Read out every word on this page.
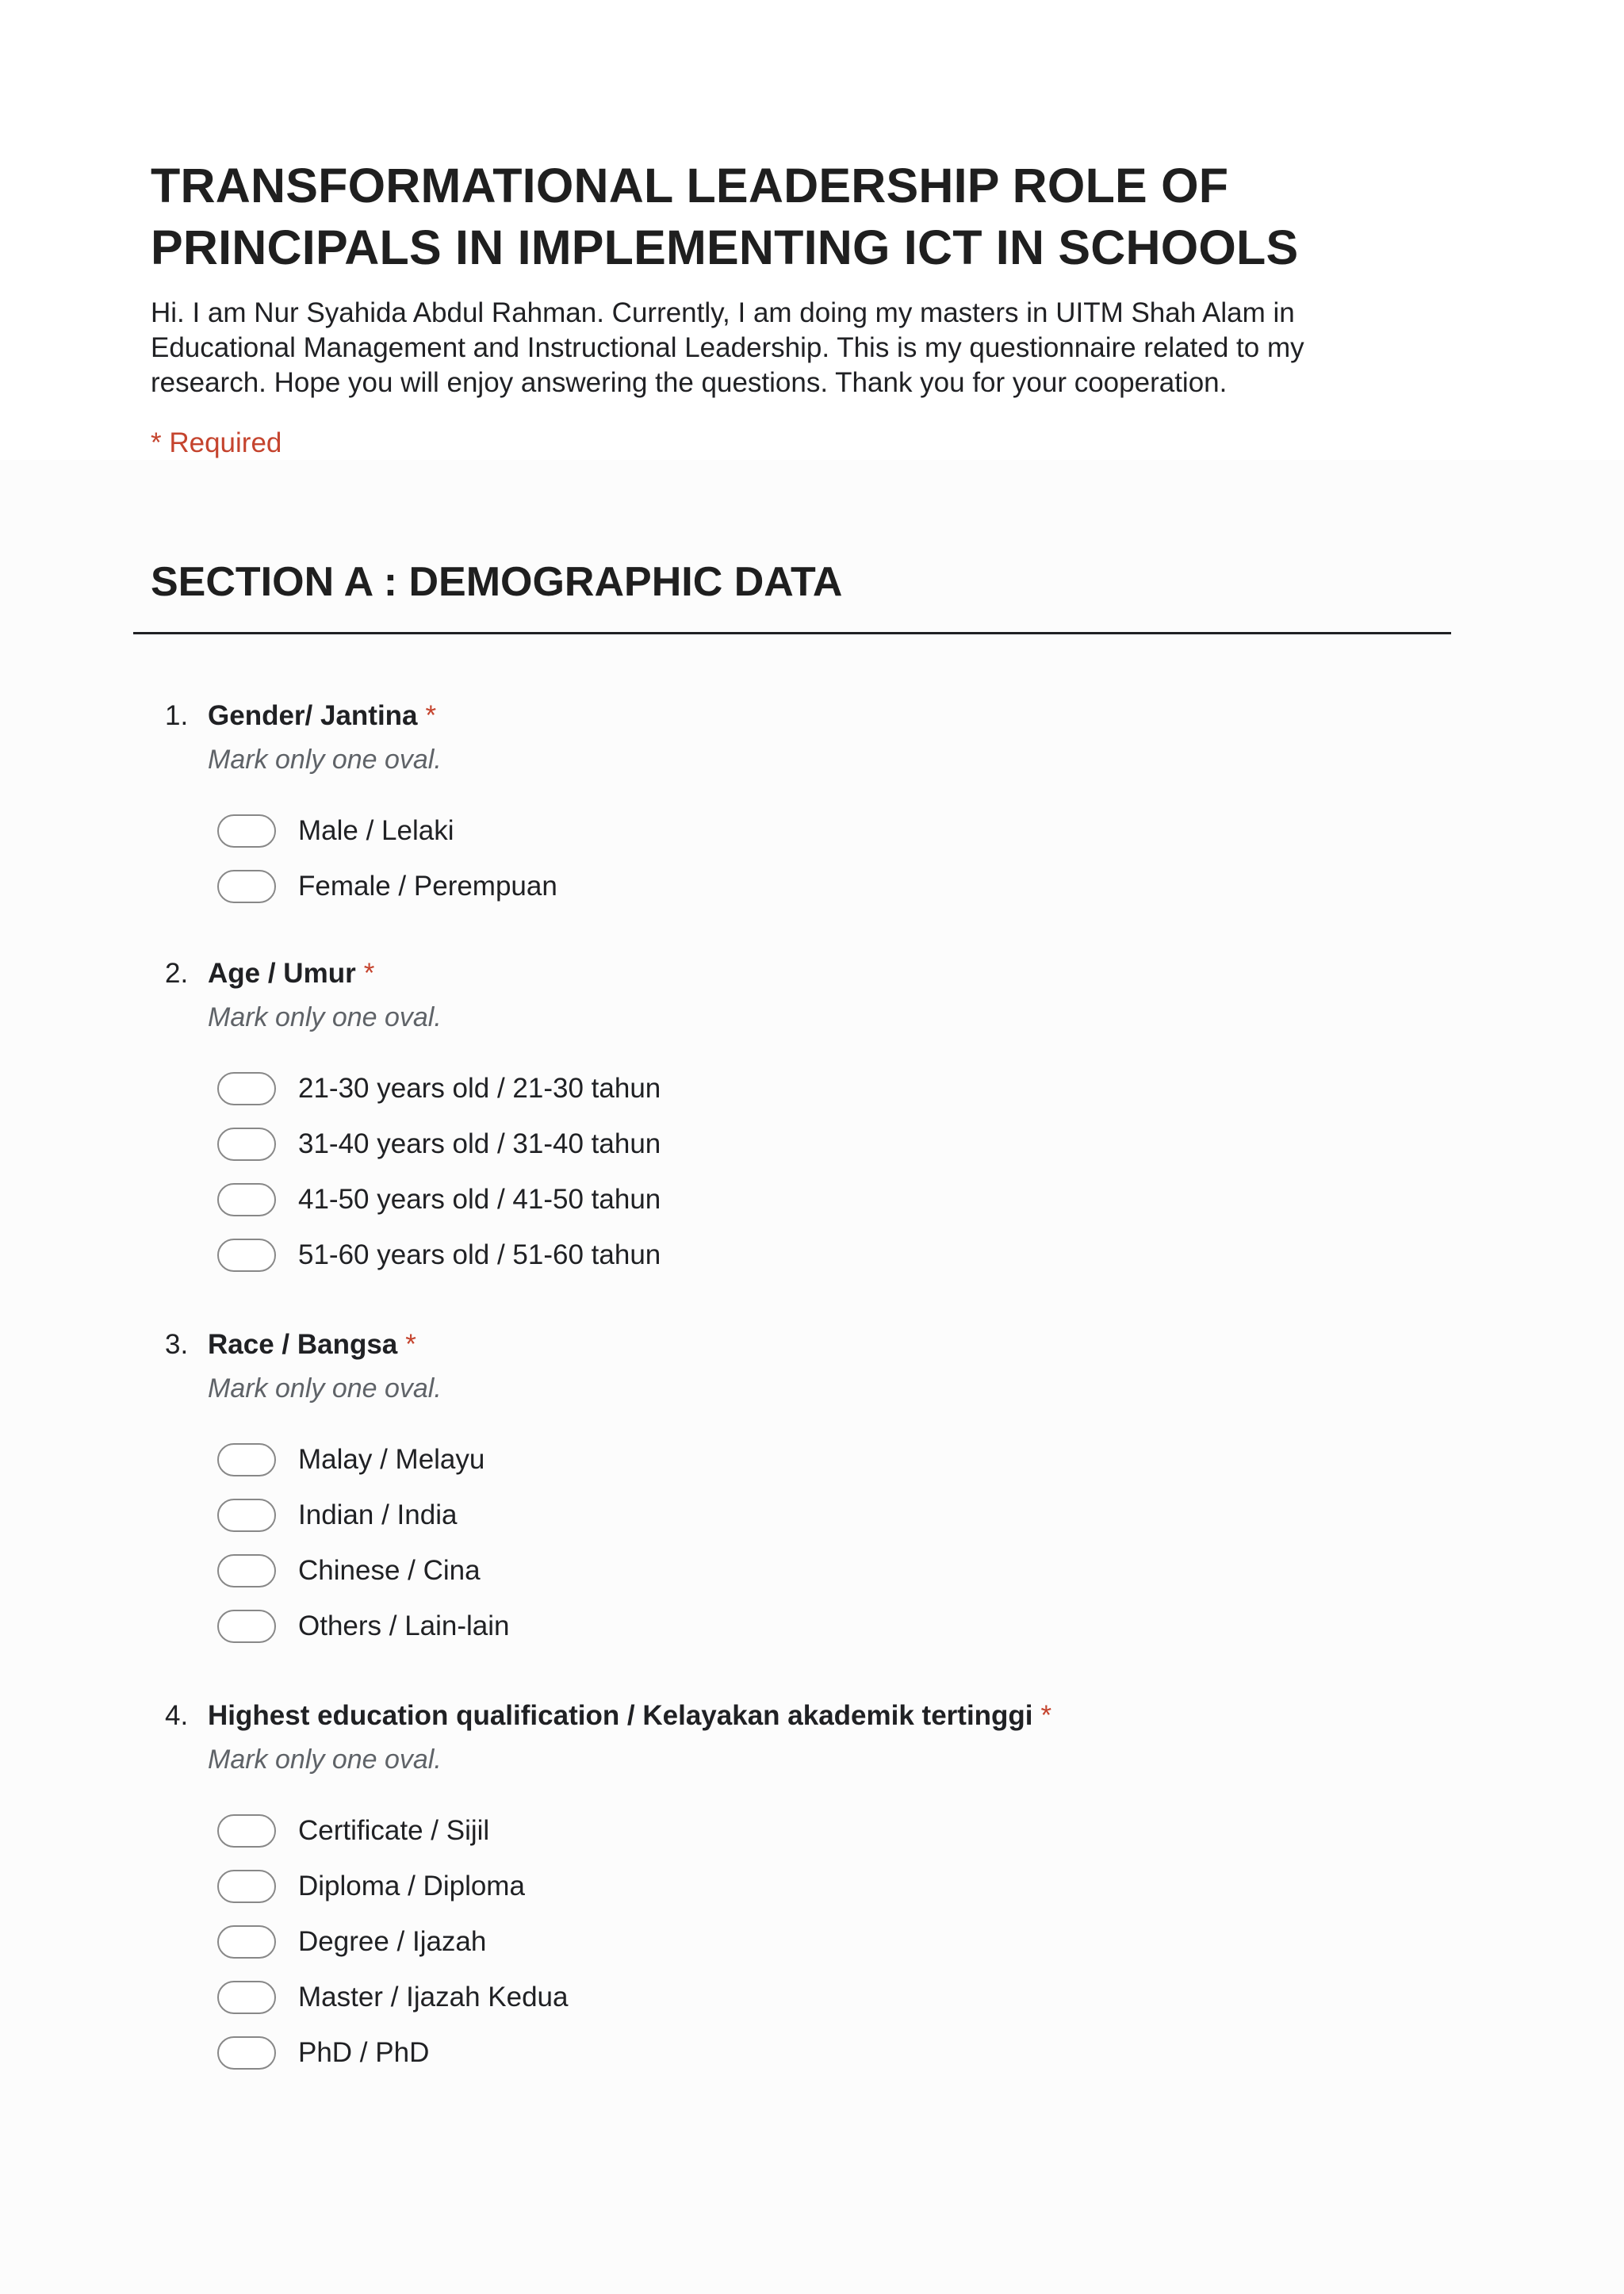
TRANSFORMATIONAL LEADERSHIP ROLE OF
PRINCIPALS IN IMPLEMENTING ICT IN SCHOOLS
Hi. I am Nur Syahida Abdul Rahman. Currently, I am doing my masters in UITM Shah Alam in Educational Management and Instructional Leadership. This is my questionnaire related to my research. Hope you will enjoy answering the questions. Thank you for your cooperation.
* Required
SECTION A : DEMOGRAPHIC DATA
1. Gender/ Jantina *
Mark only one oval.
Male / Lelaki
Female / Perempuan
2. Age / Umur *
Mark only one oval.
21-30 years old / 21-30 tahun
31-40 years old / 31-40 tahun
41-50 years old / 41-50 tahun
51-60 years old / 51-60 tahun
3. Race / Bangsa *
Mark only one oval.
Malay / Melayu
Indian / India
Chinese / Cina
Others / Lain-lain
4. Highest education qualification / Kelayakan akademik tertinggi *
Mark only one oval.
Certificate / Sijil
Diploma / Diploma
Degree / Ijazah
Master / Ijazah Kedua
PhD / PhD
